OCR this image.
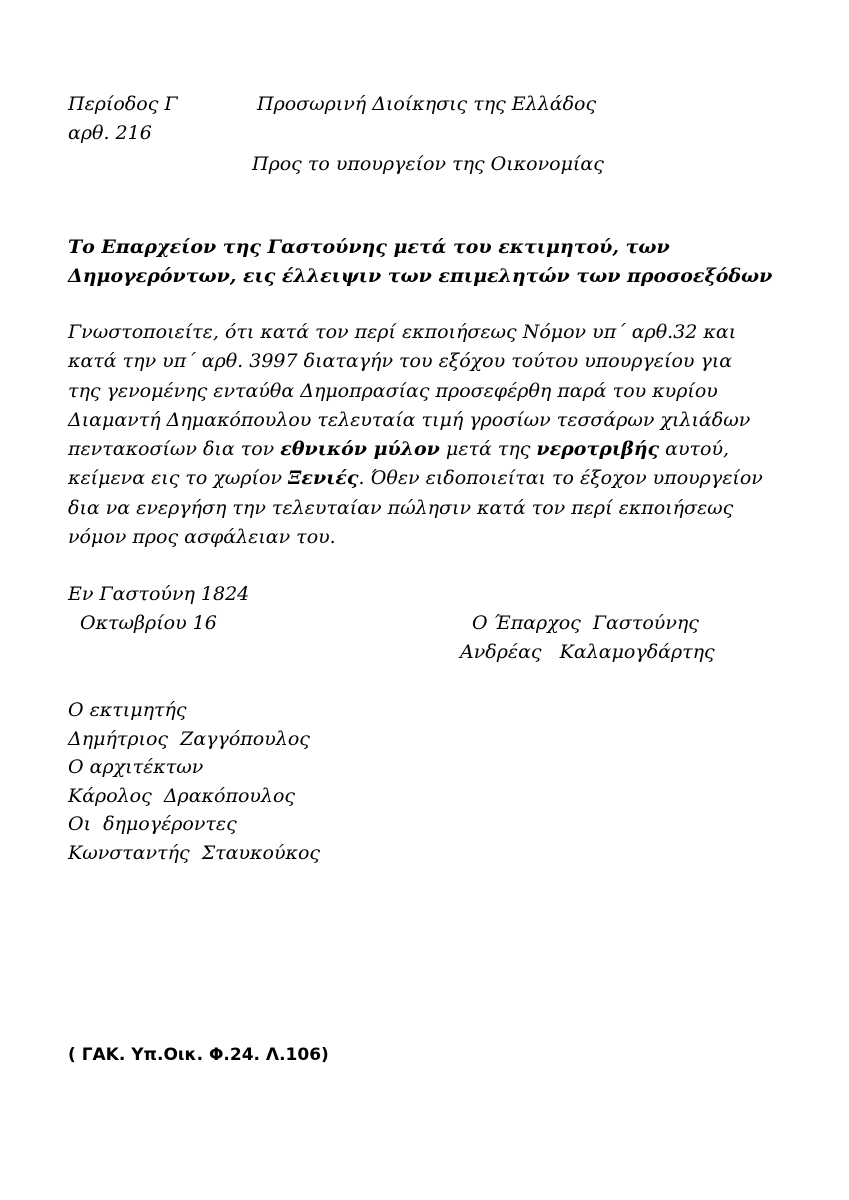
Περίοδος Γ	Προσωρινή Διοίκησις της Ελλάδος

αρθ. 216

Προς το υπουργείον της Οικονομίας

Το Επαρχείον της Γαστούνης μετά του εκτιμητού, των
Δημογερόντων, εις έλλειψιν των επιμελητών των προσοεξόδων
Γνωστοποιείτε, ότι κατά τον περί εκποιήσεως Νόμον υπ΄ αρθ.32 και
κατά την υπ΄ αρθ. 3997 διαταγήν του εξόχου τούτου υπουργείου για
της γενομένης ενταύθα Δημοπρασίας προσεφέρθη παρά του κυρίου
Διαμαντή Δημακόπουλου τελευταία τιμή γροσίων τεσσάρων χιλιάδων
πεντακοσίων δια τον εθνικόν μύλον μετά της νεροτριβής αυτού,
κείμενα εις το χωρίον Ξενιές. Όθεν ειδοποιείται το έξοχον υπουργείον
δια να ενεργήση την τελευταίαν πώλησιν κατά τον περί εκποιήσεως
νόμον προς ασφάλειαν του.

Εν Γαστούνη 1824

Οκτωβρίου 16	Ο Έπαρχος  Γαστούνης

Ανδρέας   Καλαμογδάρτης

Ο εκτιμητής
Δημήτριος  Ζαγγόπουλος
Ο αρχιτέκτων
Κάρολος  Δρακόπουλος
Οι  δημογέροντες
Κωνσταντής  Σταυκούκος

( ΓΑΚ. Υπ.Οικ. Φ.24. Λ.106)
